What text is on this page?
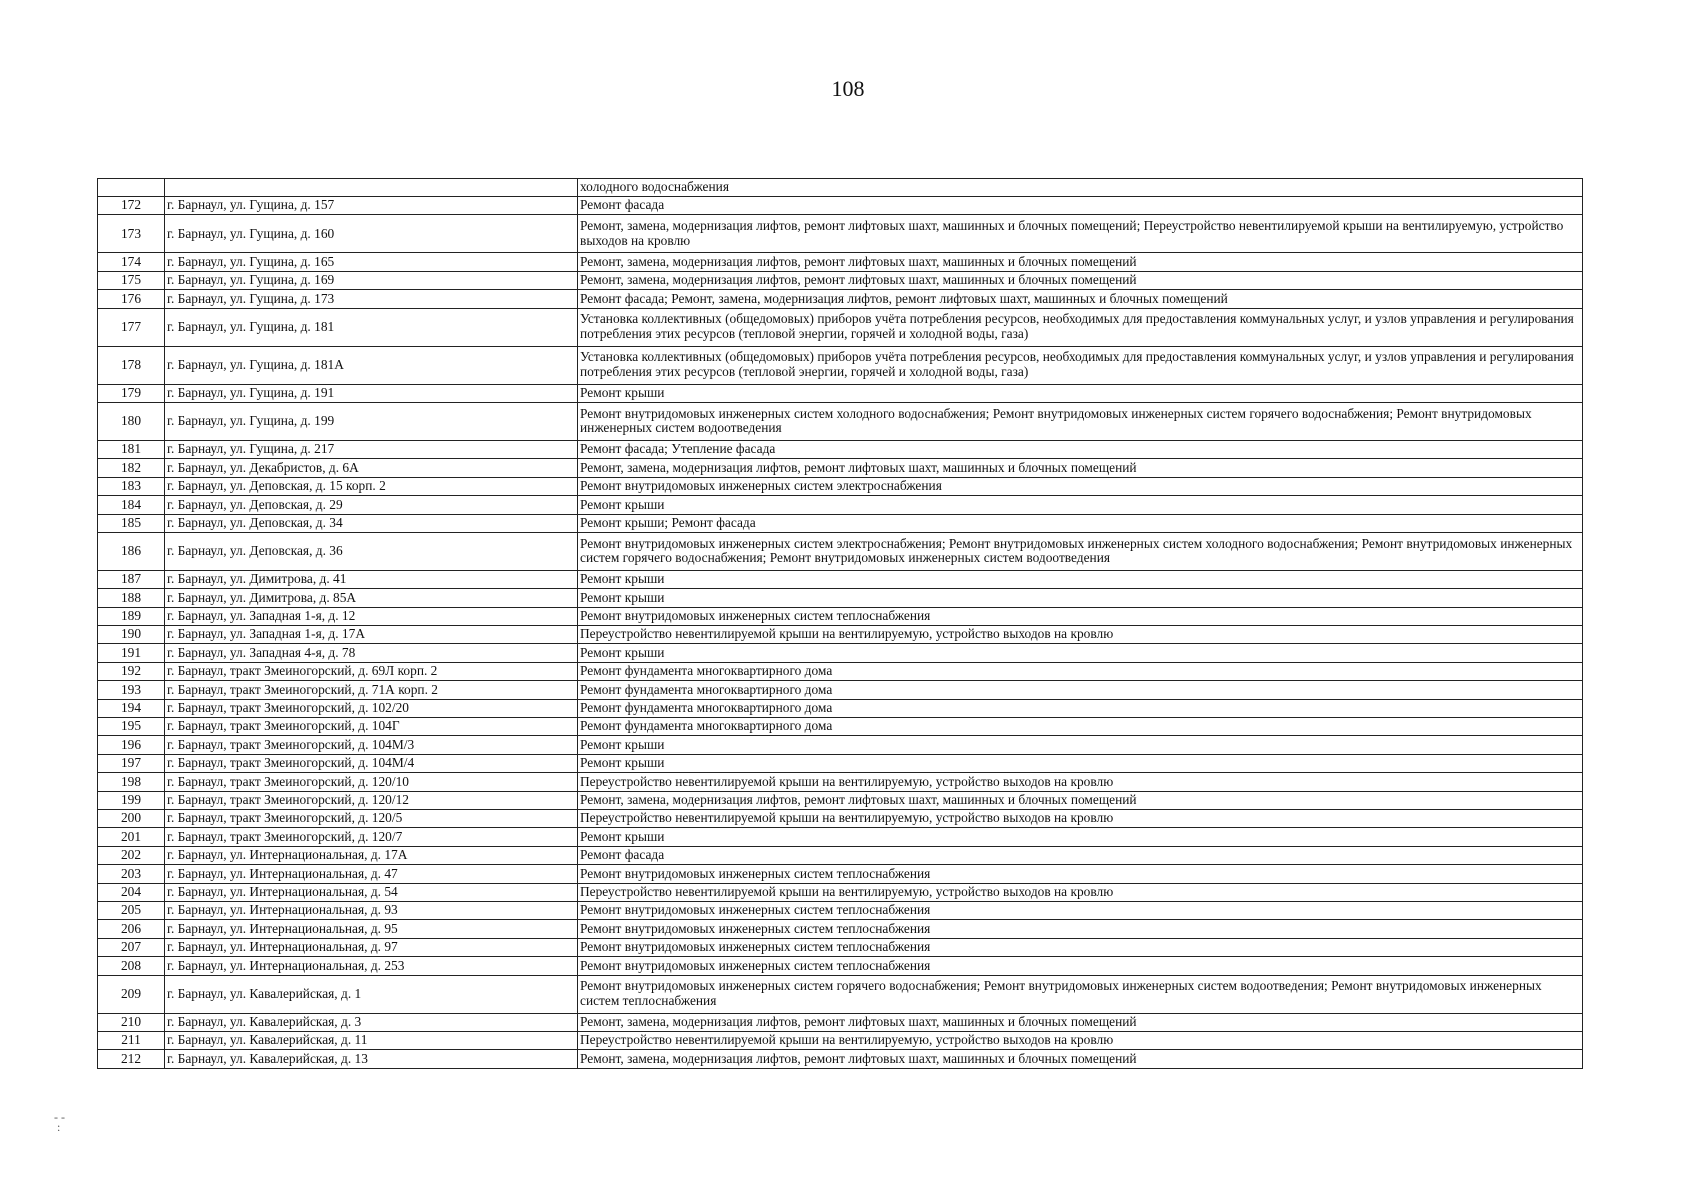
108
		холодного водоснабжения
172	г. Барнаул, ул. Гущина, д. 157	Ремонт фасада
173	г. Барнаул, ул. Гущина, д. 160	Ремонт, замена, модернизация лифтов, ремонт лифтовых шахт, машинных и блочных помещений; Переустройство невентилируемой крыши на вентилируемую, устройство выходов на кровлю
174	г. Барнаул, ул. Гущина, д. 165	Ремонт, замена, модернизация лифтов, ремонт лифтовых шахт, машинных и блочных помещений
175	г. Барнаул, ул. Гущина, д. 169	Ремонт, замена, модернизация лифтов, ремонт лифтовых шахт, машинных и блочных помещений
176	г. Барнаул, ул. Гущина, д. 173	Ремонт фасада; Ремонт, замена, модернизация лифтов, ремонт лифтовых шахт, машинных и блочных помещений
177	г. Барнаул, ул. Гущина, д. 181	Установка коллективных (общедомовых) приборов учёта потребления ресурсов, необходимых для предоставления коммунальных услуг, и узлов управления и регулирования потребления этих ресурсов (тепловой энергии, горячей и холодной воды, газа)
178	г. Барнаул, ул. Гущина, д. 181А	Установка коллективных (общедомовых) приборов учёта потребления ресурсов, необходимых для предоставления коммунальных услуг, и узлов управления и регулирования потребления этих ресурсов (тепловой энергии, горячей и холодной воды, газа)
179	г. Барнаул, ул. Гущина, д. 191	Ремонт крыши
180	г. Барнаул, ул. Гущина, д. 199	Ремонт внутридомовых инженерных систем холодного водоснабжения; Ремонт внутридомовых инженерных систем горячего водоснабжения; Ремонт внутридомовых инженерных систем водоотведения
181	г. Барнаул, ул. Гущина, д. 217	Ремонт фасада; Утепление фасада
182	г. Барнаул, ул. Декабристов, д. 6А	Ремонт, замена, модернизация лифтов, ремонт лифтовых шахт, машинных и блочных помещений
183	г. Барнаул, ул. Деповская, д. 15 корп. 2	Ремонт внутридомовых инженерных систем электроснабжения
184	г. Барнаул, ул. Деповская, д. 29	Ремонт крыши
185	г. Барнаул, ул. Деповская, д. 34	Ремонт крыши; Ремонт фасада
186	г. Барнаул, ул. Деповская, д. 36	Ремонт внутридомовых инженерных систем электроснабжения; Ремонт внутридомовых инженерных систем холодного водоснабжения; Ремонт внутридомовых инженерных систем горячего водоснабжения; Ремонт внутридомовых инженерных систем водоотведения
187	г. Барнаул, ул. Димитрова, д. 41	Ремонт крыши
188	г. Барнаул, ул. Димитрова, д. 85А	Ремонт крыши
189	г. Барнаул, ул. Западная 1-я, д. 12	Ремонт внутридомовых инженерных систем теплоснабжения
190	г. Барнаул, ул. Западная 1-я, д. 17А	Переустройство невентилируемой крыши на вентилируемую, устройство выходов на кровлю
191	г. Барнаул, ул. Западная 4-я, д. 78	Ремонт крыши
192	г. Барнаул, тракт Змеиногорский, д. 69Л корп. 2	Ремонт фундамента многоквартирного дома
193	г. Барнаул, тракт Змеиногорский, д. 71А корп. 2	Ремонт фундамента многоквартирного дома
194	г. Барнаул, тракт Змеиногорский, д. 102/20	Ремонт фундамента многоквартирного дома
195	г. Барнаул, тракт Змеиногорский, д. 104Г	Ремонт фундамента многоквартирного дома
196	г. Барнаул, тракт Змеиногорский, д. 104М/3	Ремонт крыши
197	г. Барнаул, тракт Змеиногорский, д. 104М/4	Ремонт крыши
198	г. Барнаул, тракт Змеиногорский, д. 120/10	Переустройство невентилируемой крыши на вентилируемую, устройство выходов на кровлю
199	г. Барнаул, тракт Змеиногорский, д. 120/12	Ремонт, замена, модернизация лифтов, ремонт лифтовых шахт, машинных и блочных помещений
200	г. Барнаул, тракт Змеиногорский, д. 120/5	Переустройство невентилируемой крыши на вентилируемую, устройство выходов на кровлю
201	г. Барнаул, тракт Змеиногорский, д. 120/7	Ремонт крыши
202	г. Барнаул, ул. Интернациональная, д. 17А	Ремонт фасада
203	г. Барнаул, ул. Интернациональная, д. 47	Ремонт внутридомовых инженерных систем теплоснабжения
204	г. Барнаул, ул. Интернациональная, д. 54	Переустройство невентилируемой крыши на вентилируемую, устройство выходов на кровлю
205	г. Барнаул, ул. Интернациональная, д. 93	Ремонт внутридомовых инженерных систем теплоснабжения
206	г. Барнаул, ул. Интернациональная, д. 95	Ремонт внутридомовых инженерных систем теплоснабжения
207	г. Барнаул, ул. Интернациональная, д. 97	Ремонт внутридомовых инженерных систем теплоснабжения
208	г. Барнаул, ул. Интернациональная, д. 253	Ремонт внутридомовых инженерных систем теплоснабжения
209	г. Барнаул, ул. Кавалерийская, д. 1	Ремонт внутридомовых инженерных систем горячего водоснабжения; Ремонт внутридомовых инженерных систем водоотведения; Ремонт внутридомовых инженерных систем теплоснабжения
210	г. Барнаул, ул. Кавалерийская, д. 3	Ремонт, замена, модернизация лифтов, ремонт лифтовых шахт, машинных и блочных помещений
211	г. Барнаул, ул. Кавалерийская, д. 11	Переустройство невентилируемой крыши на вентилируемую, устройство выходов на кровлю
212	г. Барнаул, ул. Кавалерийская, д. 13	Ремонт, замена, модернизация лифтов, ремонт лифтовых шахт, машинных и блочных помещений
- -
:
